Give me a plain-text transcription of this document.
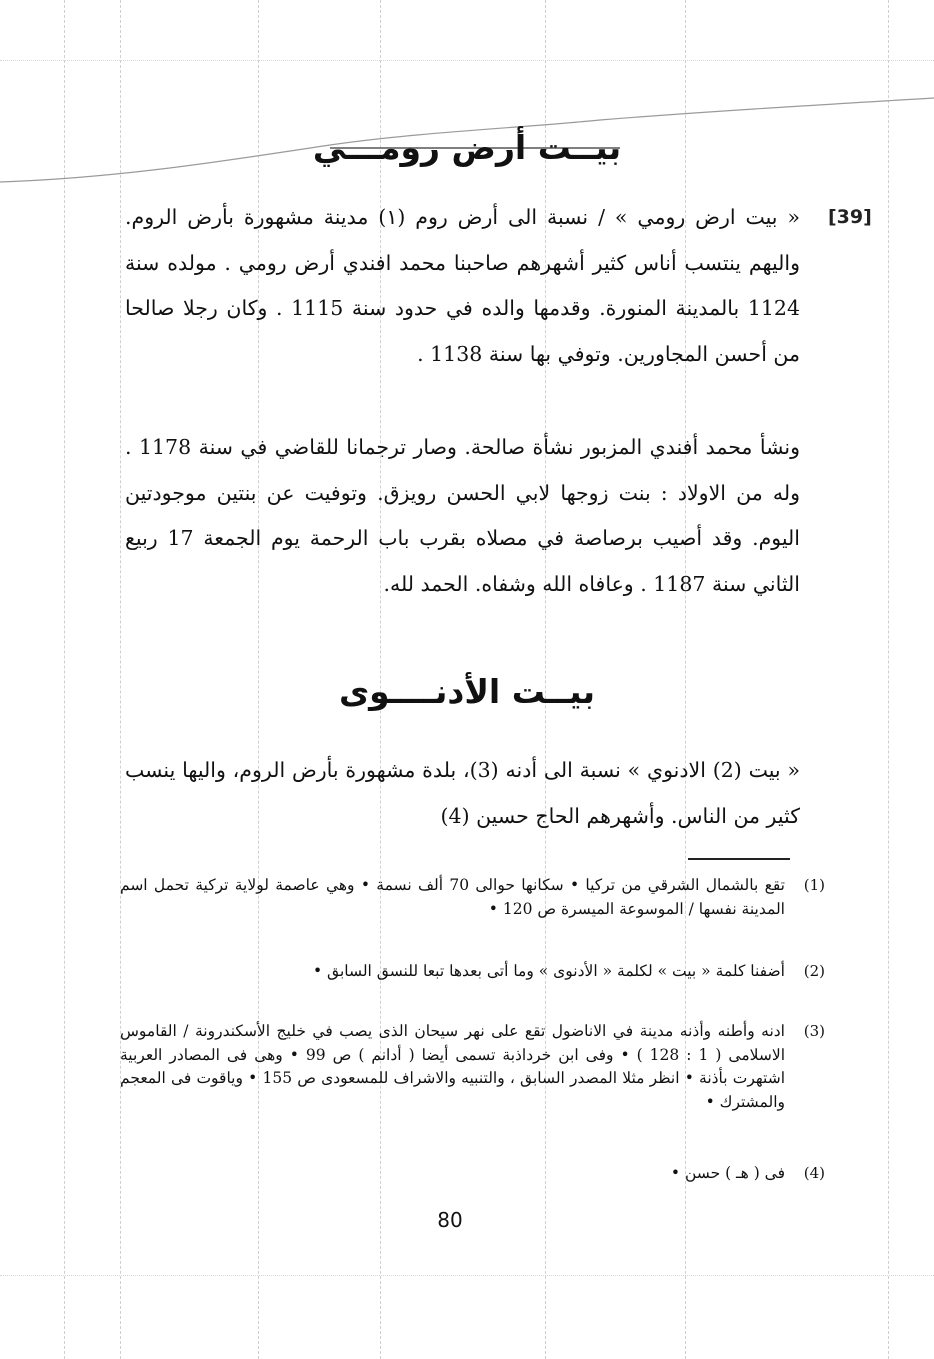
بيــت أرض رومـــي
[39]
« بيت ارض رومي » / نسبة الى أرض روم (١) مدينة مشهورة بأرض الروم. واليهم ينتسب أناس كثير أشهرهم صاحبنا محمد افندي أرض رومي . مولده سنة 1124 بالمدينة المنورة. وقدمها والده في حدود سنة 1115 . وكان رجلا صالحا من أحسن المجاورين. وتوفي بها سنة 1138 .
ونشأ محمد أفندي المزبور نشأة صالحة. وصار ترجمانا للقاضي في سنة 1178 . وله من الاولاد : بنت زوجها لابي الحسن رويزق. وتوفيت عن بنتين موجودتين اليوم. وقد أصيب برصاصة في مصلاه بقرب باب الرحمة يوم الجمعة 17 ربيع الثاني سنة 1187 . وعافاه الله وشفاه. الحمد لله.
بيــت الأدنــــوى
« بيت (2) الادنوي » نسبة الى أدنه (3)، بلدة مشهورة بأرض الروم، واليها ينسب كثير من الناس. وأشهرهم الحاج حسين (4)
(1)
تقع بالشمال الشرقي من تركيا • سكانها حوالى 70 ألف نسمة • وهي عاصمة لولاية تركية تحمل اسم المدينة نفسها / الموسوعة الميسرة ص 120 •
(2)
أضفنا كلمة « بيت » لكلمة « الأدنوى » وما أتى بعدها تبعا للنسق السابق •
(3)
ادنه وأطنه وأذنه مدينة في الاناضول تقع على نهر سيحان الذى يصب في خليج الأسكندرونة / القاموس الاسلامى ( 1 : 128 ) • وفى ابن خرداذبة تسمى أيضا ( أدانم ) ص 99 • وهى فى المصادر العربية اشتهرت بأذنة • انظر مثلا المصدر السابق ، والتنبيه والاشراف للمسعودى ص 155 • وياقوت فى المعجم والمشترك •
(4)
فى ( هـ ) حسن •
80
